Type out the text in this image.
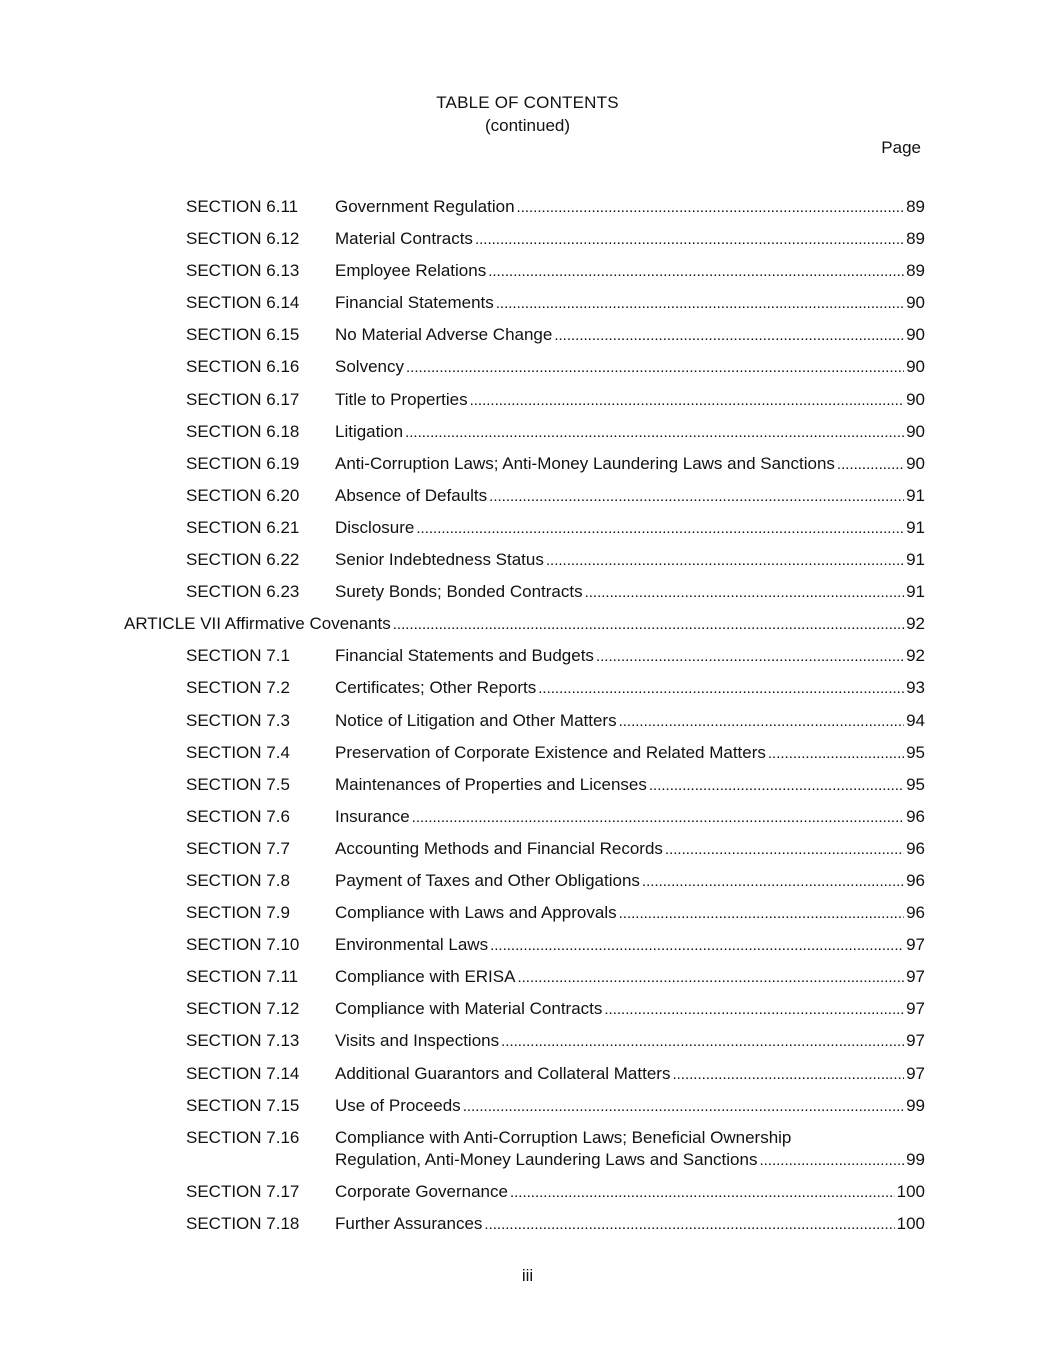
TABLE OF CONTENTS
(continued)
Page
SECTION 6.11 Government Regulation .....	89
SECTION 6.12 Material Contracts .....	89
SECTION 6.13 Employee Relations .....	89
SECTION 6.14 Financial Statements .....	90
SECTION 6.15 No Material Adverse Change .....	90
SECTION 6.16 Solvency .....	90
SECTION 6.17 Title to Properties .....	90
SECTION 6.18 Litigation .....	90
SECTION 6.19 Anti-Corruption Laws; Anti-Money Laundering Laws and Sanctions .....	90
SECTION 6.20 Absence of Defaults .....	91
SECTION 6.21 Disclosure .....	91
SECTION 6.22 Senior Indebtedness Status .....	91
SECTION 6.23 Surety Bonds; Bonded Contracts .....	91
ARTICLE VII Affirmative Covenants .....	92
SECTION 7.1	Financial Statements and Budgets .....	92
SECTION 7.2	Certificates; Other Reports .....	93
SECTION 7.3	Notice of Litigation and Other Matters .....	94
SECTION 7.4	Preservation of Corporate Existence and Related Matters .....	95
SECTION 7.5	Maintenances of Properties and Licenses .....	95
SECTION 7.6	Insurance .....	96
SECTION 7.7	Accounting Methods and Financial Records .....	96
SECTION 7.8	Payment of Taxes and Other Obligations .....	96
SECTION 7.9	Compliance with Laws and Approvals .....	96
SECTION 7.10 Environmental Laws .....	97
SECTION 7.11 Compliance with ERISA .....	97
SECTION 7.12 Compliance with Material Contracts .....	97
SECTION 7.13 Visits and Inspections .....	97
SECTION 7.14 Additional Guarantors and Collateral Matters .....	97
SECTION 7.15 Use of Proceeds .....	99
SECTION 7.16 Compliance with Anti-Corruption Laws; Beneficial Ownership
Regulation, Anti-Money Laundering Laws and Sanctions .....	99
SECTION 7.17 Corporate Governance .....	100
SECTION 7.18 Further Assurances .....	100
iii
